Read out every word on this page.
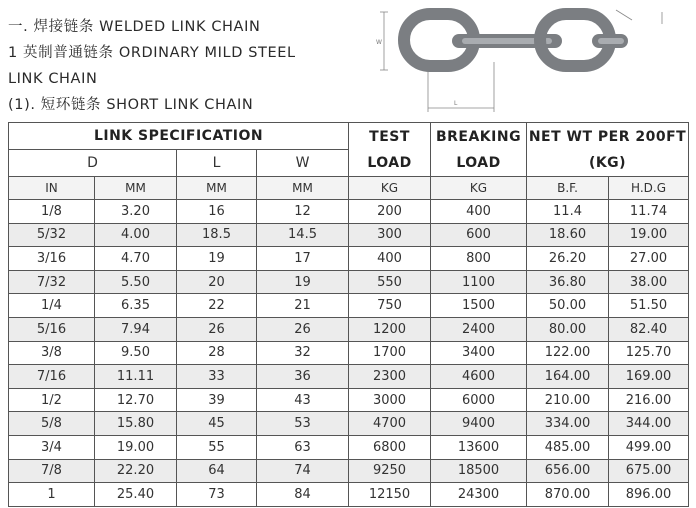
一. 焊接链条 WELDED LINK CHAIN
1 英制普通链条 ORDINARY MILD STEEL
LINK CHAIN
(1). 短环链条 SHORT LINK CHAIN
W
L
LINK SPECIFICATION				TEST LOAD	BREAKING LOAD	NET WT PER 200FT (KG)	
D		L	W				
IN	MM	MM	MM	KG	KG	B.F.	H.D.G
1/8	3.20	16	12	200	400	11.4	11.74
5/32	4.00	18.5	14.5	300	600	18.60	19.00
3/16	4.70	19	17	400	800	26.20	27.00
7/32	5.50	20	19	550	1100	36.80	38.00
1/4	6.35	22	21	750	1500	50.00	51.50
5/16	7.94	26	26	1200	2400	80.00	82.40
3/8	9.50	28	32	1700	3400	122.00	125.70
7/16	11.11	33	36	2300	4600	164.00	169.00
1/2	12.70	39	43	3000	6000	210.00	216.00
5/8	15.80	45	53	4700	9400	334.00	344.00
3/4	19.00	55	63	6800	13600	485.00	499.00
7/8	22.20	64	74	9250	18500	656.00	675.00
1	25.40	73	84	12150	24300	870.00	896.00
